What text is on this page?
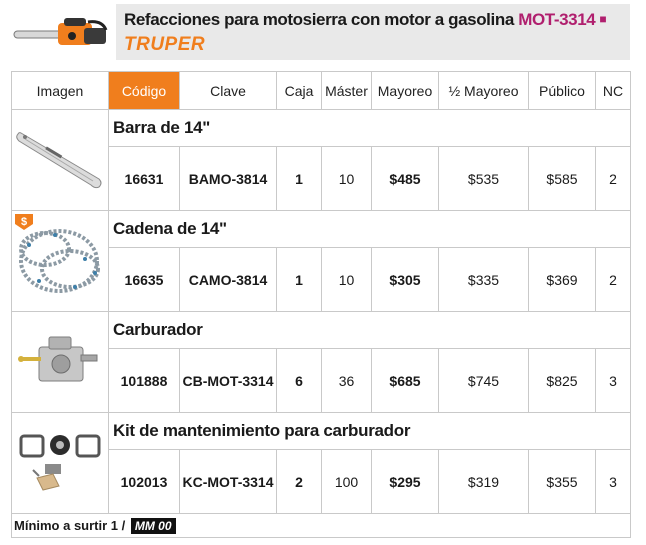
Refacciones para motosierra con motor a gasolina MOT-3314 ■
TRUPER
$
Imagen	Código	Clave	Caja	Máster	Mayoreo	½ Mayoreo	Público	NC

	Barra de 14"							
	16631	BAMO-3814	1	10	$485	$535	$585	2

	Cadena de 14"							
	16635	CAMO-3814	1	10	$305	$335	$369	2

	Carburador							
	101888	CB-MOT-3314	6	36	$685	$745	$825	3

	Kit de mantenimiento para carburador							
	102013	KC-MOT-3314	2	100	$295	$319	$355	3
Mínimo a surtir 1 / MM 00								
